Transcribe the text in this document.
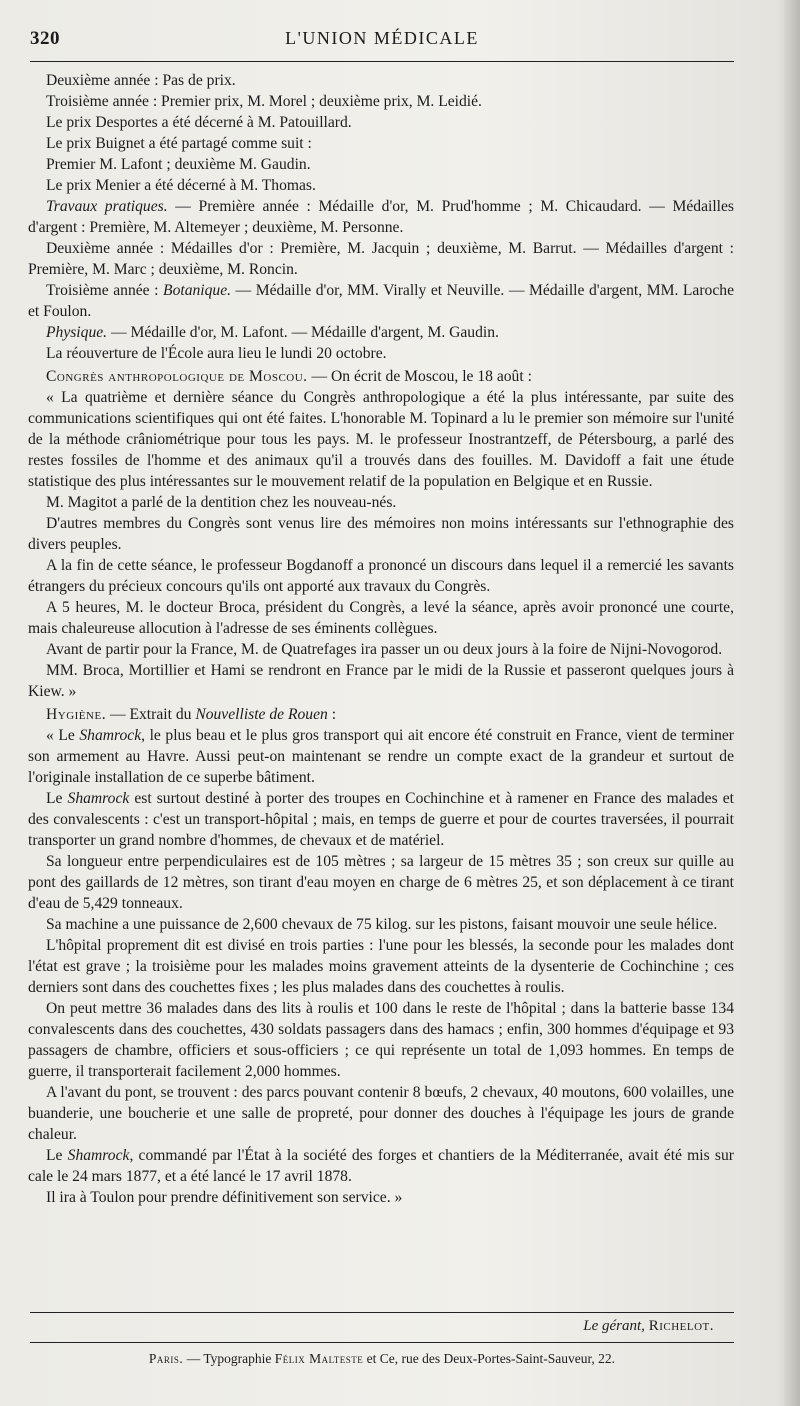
320	L'UNION MÉDICALE

Deuxième année : Pas de prix.

Troisième année : Premier prix, M. Morel ; deuxième prix, M. Leidié.

Le prix Desportes a été décerné à M. Patouillard.

Le prix Buignet a été partagé comme suit :

Premier M. Lafont ; deuxième M. Gaudin.

Le prix Menier a été décerné à M. Thomas.

Travaux pratiques. — Première année : Médaille d'or, M. Prud'homme ; M. Chicaudard. — Médailles d'argent : Première, M. Altemeyer ; deuxième, M. Personne.

Deuxième année : Médailles d'or : Première, M. Jacquin ; deuxième, M. Barrut. — Médailles d'argent : Première, M. Marc ; deuxième, M. Roncin.

Troisième année : Botanique. — Médaille d'or, MM. Virally et Neuville. — Médaille d'argent, MM. Laroche et Foulon.

Physique. — Médaille d'or, M. Lafont. — Médaille d'argent, M. Gaudin.

La réouverture de l'École aura lieu le lundi 20 octobre.

Congrès anthropologique de Moscou. — On écrit de Moscou, le 18 août :

« La quatrième et dernière séance du Congrès anthropologique a été la plus intéressante, par suite des communications scientifiques qui ont été faites. L'honorable M. Topinard a lu le premier son mémoire sur l'unité de la méthode crâniométrique pour tous les pays. M. le professeur Inostrantzeff, de Pétersbourg, a parlé des restes fossiles de l'homme et des animaux qu'il a trouvés dans des fouilles. M. Davidoff a fait une étude statistique des plus intéressantes sur le mouvement relatif de la population en Belgique et en Russie.

M. Magitot a parlé de la dentition chez les nouveau-nés.

D'autres membres du Congrès sont venus lire des mémoires non moins intéressants sur l'ethnographie des divers peuples.

A la fin de cette séance, le professeur Bogdanoff a prononcé un discours dans lequel il a remercié les savants étrangers du précieux concours qu'ils ont apporté aux travaux du Congrès.

A 5 heures, M. le docteur Broca, président du Congrès, a levé la séance, après avoir prononcé une courte, mais chaleureuse allocution à l'adresse de ses éminents collègues.

Avant de partir pour la France, M. de Quatrefages ira passer un ou deux jours à la foire de Nijni-Novogorod.

MM. Broca, Mortillier et Hami se rendront en France par le midi de la Russie et passeront quelques jours à Kiew. »

Hygiène. — Extrait du Nouvelliste de Rouen :

« Le Shamrock, le plus beau et le plus gros transport qui ait encore été construit en France, vient de terminer son armement au Havre. Aussi peut-on maintenant se rendre un compte exact de la grandeur et surtout de l'originale installation de ce superbe bâtiment.

Le Shamrock est surtout destiné à porter des troupes en Cochinchine et à ramener en France des malades et des convalescents : c'est un transport-hôpital ; mais, en temps de guerre et pour de courtes traversées, il pourrait transporter un grand nombre d'hommes, de chevaux et de matériel.

Sa longueur entre perpendiculaires est de 105 mètres ; sa largeur de 15 mètres 35 ; son creux sur quille au pont des gaillards de 12 mètres, son tirant d'eau moyen en charge de 6 mètres 25, et son déplacement à ce tirant d'eau de 5,429 tonneaux.

Sa machine a une puissance de 2,600 chevaux de 75 kilog. sur les pistons, faisant mouvoir une seule hélice.

L'hôpital proprement dit est divisé en trois parties : l'une pour les blessés, la seconde pour les malades dont l'état est grave ; la troisième pour les malades moins gravement atteints de la dysenterie de Cochinchine ; ces derniers sont dans des couchettes fixes ; les plus malades dans des couchettes à roulis.

On peut mettre 36 malades dans des lits à roulis et 100 dans le reste de l'hôpital ; dans la batterie basse 134 convalescents dans des couchettes, 430 soldats passagers dans des hamacs ; enfin, 300 hommes d'équipage et 93 passagers de chambre, officiers et sous-officiers ; ce qui représente un total de 1,093 hommes. En temps de guerre, il transporterait facilement 2,000 hommes.

A l'avant du pont, se trouvent : des parcs pouvant contenir 8 bœufs, 2 chevaux, 40 moutons, 600 volailles, une buanderie, une boucherie et une salle de propreté, pour donner des douches à l'équipage les jours de grande chaleur.

Le Shamrock, commandé par l'État à la société des forges et chantiers de la Méditerranée, avait été mis sur cale le 24 mars 1877, et a été lancé le 17 avril 1878.

Il ira à Toulon pour prendre définitivement son service. »

Le gérant, Richelot.
Paris. — Typographie Félix Malteste et Ce, rue des Deux-Portes-Saint-Sauveur, 22.
